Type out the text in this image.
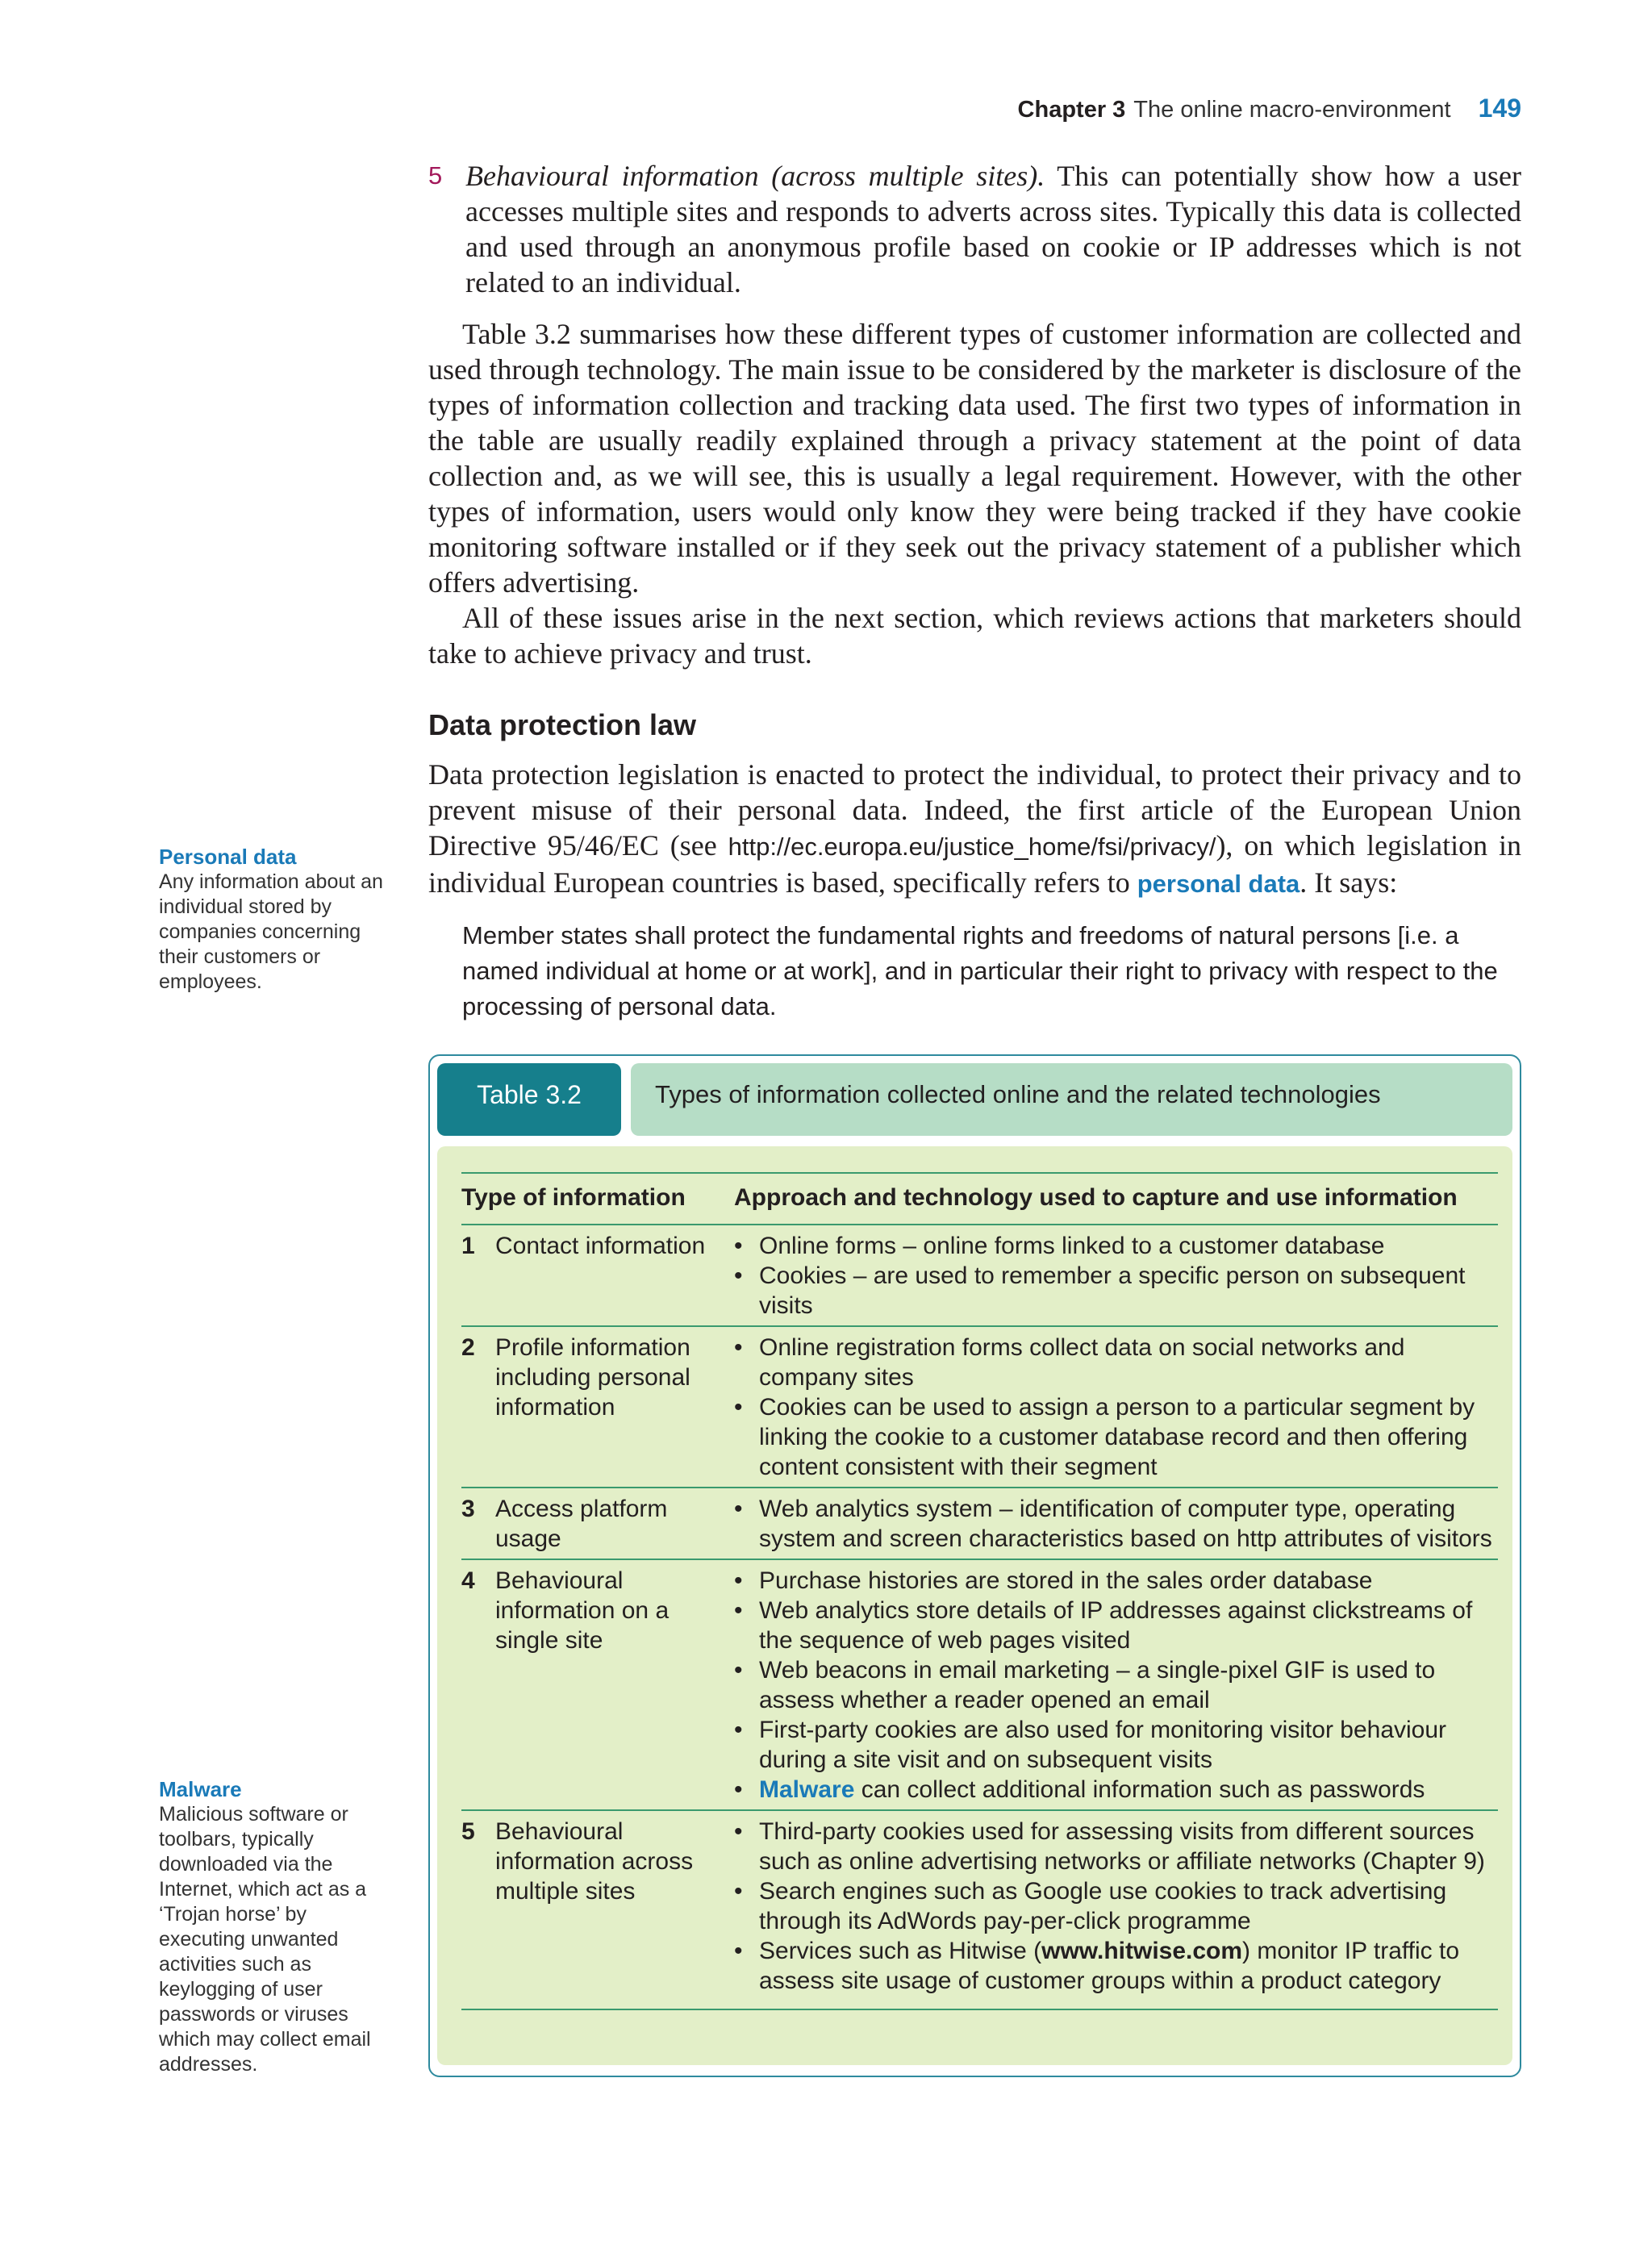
Chapter 3 The online macro-environment 149
Personal data
Any information about an individual stored by companies concerning their customers or employees.
Malware
Malicious software or toolbars, typically downloaded via the Internet, which act as a ‘Trojan horse’ by executing unwanted activities such as keylogging of user passwords or viruses which may collect email addresses.

5 Behavioural information (across multiple sites). This can potentially show how a user accesses multiple sites and responds to adverts across sites. Typically this data is collected and used through an anonymous profile based on cookie or IP addresses which is not related to an individual.

Table 3.2 summarises how these different types of customer information are collected and used through technology. The main issue to be considered by the marketer is disclosure of the types of information collection and tracking data used. The first two types of information in the table are usually readily explained through a privacy statement at the point of data collection and, as we will see, this is usually a legal requirement. However, with the other types of information, users would only know they were being tracked if they have cookie monitoring software installed or if they seek out the privacy statement of a publisher which offers advertising.

All of these issues arise in the next section, which reviews actions that marketers should take to achieve privacy and trust.

Data protection law

Data protection legislation is enacted to protect the individual, to protect their privacy and to prevent misuse of their personal data. Indeed, the first article of the European Union Directive 95/46/EC (see http://ec.europa.eu/justice_home/fsi/privacy/), on which legislation in individual European countries is based, specifically refers to personal data. It says:

Member states shall protect the fundamental rights and freedoms of natural persons [i.e. a named individual at home or at work], and in particular their right to privacy with respect to the processing of personal data.

Table 3.2	Types of information collected online and the related technologies
Type of information	Approach and technology used to capture and use information
1 Contact information
•	Online forms – online forms linked to a customer database
• Cookies – are used to remember a specific person on subsequent visits
2 Profile information including personal information
• Online registration forms collect data on social networks and company sites
• Cookies can be used to assign a person to a particular segment by linking the cookie to a customer database record and then offering content consistent with their segment
3 Access platform usage
• Web analytics system – identification of computer type, operating system and screen characteristics based on http attributes of visitors
4 Behavioural information on a single site
• Purchase histories are stored in the sales order database
• Web analytics store details of IP addresses against clickstreams of the sequence of web pages visited
• Web beacons in email marketing – a single-pixel GIF is used to assess whether a reader opened an email
• First-party cookies are also used for monitoring visitor behaviour during a site visit and on subsequent visits
• Malware can collect additional information such as passwords
5 Behavioural information across multiple sites
• Third-party cookies used for assessing visits from different sources such as online advertising networks or affiliate networks (Chapter 9)
• Search engines such as Google use cookies to track advertising through its AdWords pay-per-click programme
• Services such as Hitwise (www.hitwise.com) monitor IP traffic to assess site usage of customer groups within a product category
